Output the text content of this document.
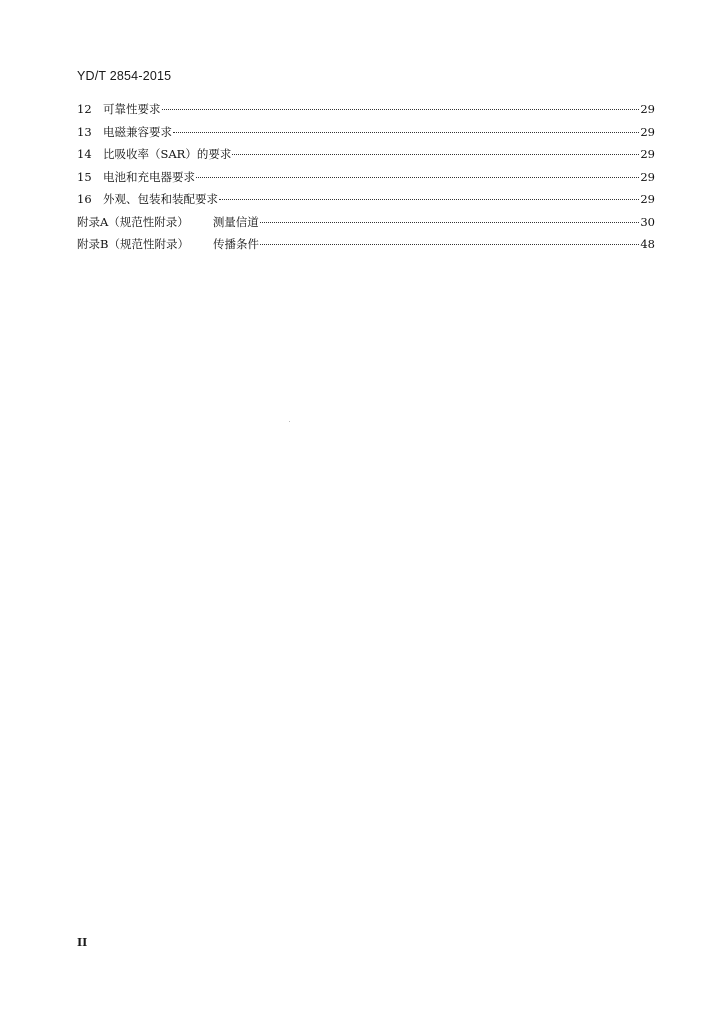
YD/T 2854-2015
12 可靠性要求	29
13 电磁兼容要求	29
14 比吸收率（SAR）的要求	29
15 电池和充电器要求	29
16 外观、包装和装配要求	29
附录A（规范性附录） 测量信道	30
附录B（规范性附录） 传播条件	48
II
